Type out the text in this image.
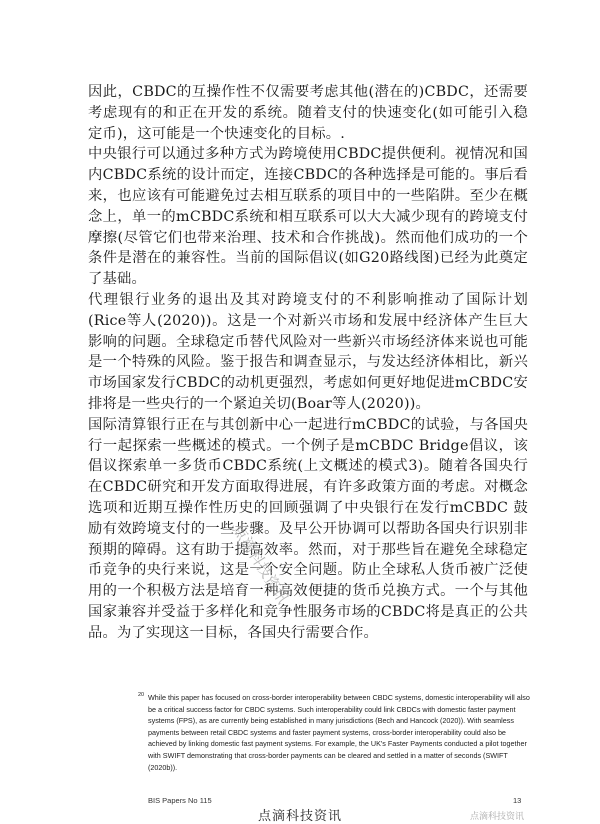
因此，CBDC的互操作性不仅需要考虑其他(潜在的)CBDC，还需要考虑现有的和正在开发的系统。随着支付的快速变化(如可能引入稳定币)，这可能是一个快速变化的目标。.

中央银行可以通过多种方式为跨境使用CBDC提供便利。视情况和国内CBDC系统的设计而定，连接CBDC的各种选择是可能的。事后看来，也应该有可能避免过去相互联系的项目中的一些陷阱。至少在概念上，单一的mCBDC系统和相互联系可以大大减少现有的跨境支付摩擦(尽管它们也带来治理、技术和合作挑战)。然而他们成功的一个条件是潜在的兼容性。当前的国际倡议(如G20路线图)已经为此奠定了基础。

代理银行业务的退出及其对跨境支付的不利影响推动了国际计划(Rice等人(2020))。这是一个对新兴市场和发展中经济体产生巨大影响的问题。全球稳定币替代风险对一些新兴市场经济体来说也可能是一个特殊的风险。鉴于报告和调查显示，与发达经济体相比，新兴市场国家发行CBDC的动机更强烈，考虑如何更好地促进mCBDC安排将是一些央行的一个紧迫关切(Boar等人(2020))。

国际清算银行正在与其创新中心一起进行mCBDC的试验，与各国央行一起探索一些概述的模式。一个例子是mCBDC Bridge倡议，该倡议探索单一多货币CBDC系统(上文概述的模式3)。随着各国央行在CBDC研究和开发方面取得进展，有许多政策方面的考虑。对概念选项和近期互操作性历史的回顾强调了中央银行在发行mCBDC 鼓励有效跨境支付的一些步骤。及早公开协调可以帮助各国央行识别非预期的障碍。这有助于提高效率。然而，对于那些旨在避免全球稳定币竞争的央行来说，这是一个安全问题。防止全球私人货币被广泛使用的一个积极方法是培育一种高效便捷的货币兑换方式。一个与其他国家兼容并受益于多样化和竞争性服务市场的CBDC将是真正的公共品。为了实现这一目标，各国央行需要合作。

点滴科技资讯
20 While this paper has focused on cross-border interoperability between CBDC systems, domestic interoperability will also be a critical success factor for CBDC systems. Such interoperability could link CBDCs with domestic faster payment systems (FPS), as are currently being established in many jurisdictions (Bech and Hancock (2020)). With seamless payments between retail CBDC systems and faster payment systems, cross-border interoperability could also be achieved by linking domestic fast payment systems. For example, the UK's Faster Payments conducted a pilot together with SWIFT demonstrating that cross-border payments can be cleared and settled in a matter of seconds (SWIFT (2020b)).
BIS Papers No 115
点滴科技资讯
13
点滴科技资讯
